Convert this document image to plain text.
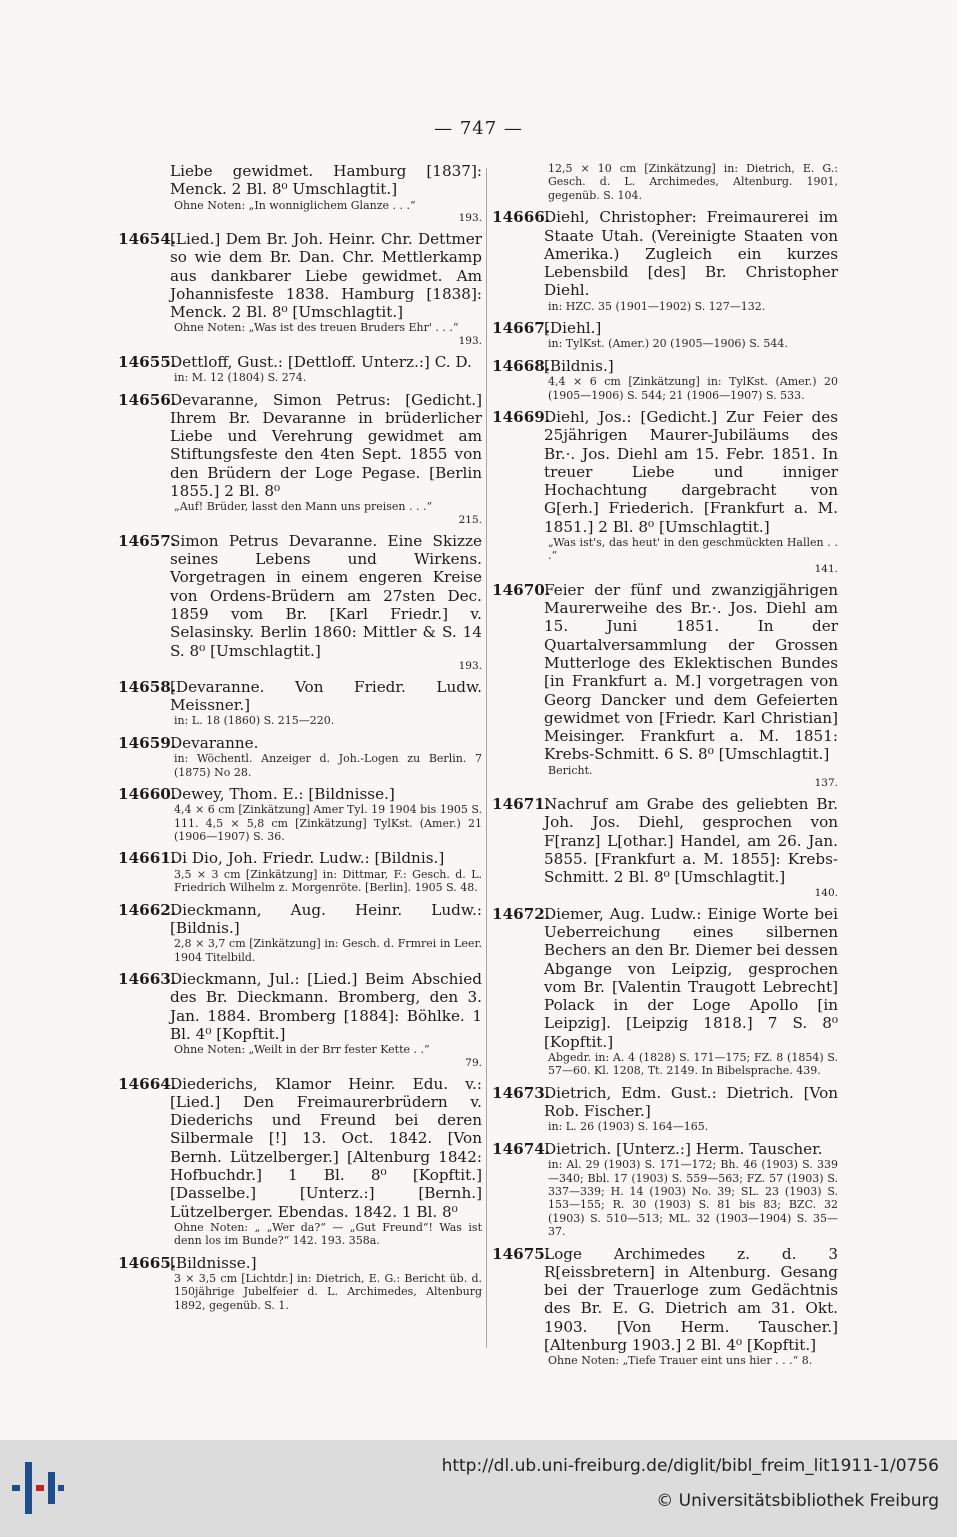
— 747 —
Liebe gewidmet. Hamburg [1837]: Menck. 2 Bl. 8⁰ Umschlagtit.]
Ohne Noten: „In wonniglichem Glanze . . .“
193.
14654.
[Lied.] Dem Br. Joh. Heinr. Chr. Dettmer so wie dem Br. Dan. Chr. Mettlerkamp aus dankbarer Liebe gewidmet. Am Johannisfeste 1838. Hamburg [1838]: Menck. 2 Bl. 8⁰ [Umschlagtit.]
Ohne Noten: „Was ist des treuen Bruders Ehr' . . .“
193.
14655.
Dettloff, Gust.: [Dettloff. Unterz.:] C. D.
in: M. 12 (1804) S. 274.
14656.
Devaranne, Simon Petrus: [Gedicht.] Ihrem Br. Devaranne in brüderlicher Liebe und Verehrung gewidmet am Stiftungsfeste den 4ten Sept. 1855 von den Brüdern der Loge Pegase. [Berlin 1855.] 2 Bl. 8⁰
„Auf! Brüder, lasst den Mann uns preisen . . .“
215.
14657.
Simon Petrus Devaranne. Eine Skizze seines Lebens und Wirkens. Vorgetragen in einem engeren Kreise von Ordens-Brüdern am 27sten Dec. 1859 vom Br. [Karl Friedr.] v. Selasinsky. Berlin 1860: Mittler & S. 14 S. 8⁰ [Umschlagtit.]
193.
14658.
[Devaranne. Von Friedr. Ludw. Meissner.]
in: L. 18 (1860) S. 215—220.
14659.
Devaranne.
in: Wöchentl. Anzeiger d. Joh.-Logen zu Berlin. 7 (1875) No 28.
14660.
Dewey, Thom. E.: [Bildnisse.]
4,4 × 6 cm [Zinkätzung] Amer Tyl. 19 1904 bis 1905 S. 111. 4,5 × 5,8 cm [Zinkätzung] TylKst. (Amer.) 21 (1906—1907) S. 36.
14661.
Di Dio, Joh. Friedr. Ludw.: [Bildnis.]
3,5 × 3 cm [Zinkätzung] in: Dittmar, F.: Gesch. d. L. Friedrich Wilhelm z. Morgenröte. [Berlin]. 1905 S. 48.
14662.
Dieckmann, Aug. Heinr. Ludw.: [Bildnis.]
2,8 × 3,7 cm [Zinkätzung] in: Gesch. d. Frmrei in Leer. 1904 Titelbild.
14663.
Dieckmann, Jul.: [Lied.] Beim Abschied des Br. Dieckmann. Bromberg, den 3. Jan. 1884. Bromberg [1884]: Böhlke. 1 Bl. 4⁰ [Kopftit.]
Ohne Noten: „Weilt in der Brr fester Kette . .“
79.
14664.
Diederichs, Klamor Heinr. Edu. v.: [Lied.] Den Freimaurerbrüdern v. Diederichs und Freund bei deren Silbermale [!] 13. Oct. 1842. [Von Bernh. Lützelberger.] [Altenburg 1842: Hofbuchdr.] 1 Bl. 8⁰ [Kopftit.] [Dasselbe.] [Unterz.:] [Bernh.] Lützelberger. Ebendas. 1842. 1 Bl. 8⁰
Ohne Noten: „ „Wer da?“ — „Gut Freund“! Was ist denn los im Bunde?“ 142. 193. 358a.
14665.
[Bildnisse.]
3 × 3,5 cm [Lichtdr.] in: Dietrich, E. G.: Bericht üb. d. 150jährige Jubelfeier d. L. Archimedes, Altenburg 1892, gegenüb. S. 1.
12,5 × 10 cm [Zinkätzung] in: Dietrich, E. G.: Gesch. d. L. Archimedes, Altenburg. 1901, gegenüb. S. 104.
14666.
Diehl, Christopher: Freimaurerei im Staate Utah. (Vereinigte Staaten von Amerika.) Zugleich ein kurzes Lebensbild [des] Br. Christopher Diehl.
in: HZC. 35 (1901—1902) S. 127—132.
14667.
[Diehl.]
in: TylKst. (Amer.) 20 (1905—1906) S. 544.
14668.
[Bildnis.]
4,4 × 6 cm [Zinkätzung] in: TylKst. (Amer.) 20 (1905—1906) S. 544; 21 (1906—1907) S. 533.
14669.
Diehl, Jos.: [Gedicht.] Zur Feier des 25jährigen Maurer-Jubiläums des Br.·. Jos. Diehl am 15. Febr. 1851. In treuer Liebe und inniger Hochachtung dargebracht von G[erh.] Friederich. [Frankfurt a. M. 1851.] 2 Bl. 8⁰ [Umschlagtit.]
„Was ist's, das heut' in den geschmückten Hallen . . .“
141.
14670.
Feier der fünf und zwanzigjährigen Maurerweihe des Br.·. Jos. Diehl am 15. Juni 1851. In der Quartalversammlung der Grossen Mutterloge des Eklektischen Bundes [in Frankfurt a. M.] vorgetragen von Georg Dancker und dem Gefeierten gewidmet von [Friedr. Karl Christian] Meisinger. Frankfurt a. M. 1851: Krebs-Schmitt. 6 S. 8⁰ [Umschlagtit.]
Bericht.
137.
14671.
Nachruf am Grabe des geliebten Br. Joh. Jos. Diehl, gesprochen von F[ranz] L[othar.] Handel, am 26. Jan. 5855. [Frankfurt a. M. 1855]: Krebs-Schmitt. 2 Bl. 8⁰ [Umschlagtit.]
140.
14672.
Diemer, Aug. Ludw.: Einige Worte bei Ueberreichung eines silbernen Bechers an den Br. Diemer bei dessen Abgange von Leipzig, gesprochen vom Br. [Valentin Traugott Lebrecht] Polack in der Loge Apollo [in Leipzig]. [Leipzig 1818.] 7 S. 8⁰ [Kopftit.]
Abgedr. in: A. 4 (1828) S. 171—175; FZ. 8 (1854) S. 57—60. Kl. 1208, Tt. 2149. In Bibelsprache. 439.
14673.
Dietrich, Edm. Gust.: Dietrich. [Von Rob. Fischer.]
in: L. 26 (1903) S. 164—165.
14674.
Dietrich. [Unterz.:] Herm. Tauscher.
in: Al. 29 (1903) S. 171—172; Bh. 46 (1903) S. 339—340; Bbl. 17 (1903) S. 559—563; FZ. 57 (1903) S. 337—339; H. 14 (1903) No. 39; SL. 23 (1903) S. 153—155; R. 30 (1903) S. 81 bis 83; BZC. 32 (1903) S. 510—513; ML. 32 (1903—1904) S. 35—37.
14675.
Loge Archimedes z. d. 3 R[eissbretern] in Altenburg. Gesang bei der Trauerloge zum Gedächtnis des Br. E. G. Dietrich am 31. Okt. 1903. [Von Herm. Tauscher.] [Altenburg 1903.] 2 Bl. 4⁰ [Kopftit.]
Ohne Noten: „Tiefe Trauer eint uns hier . . .“ 8.
http://dl.ub.uni-freiburg.de/diglit/bibl_freim_lit1911-1/0756
© Universitätsbibliothek Freiburg
